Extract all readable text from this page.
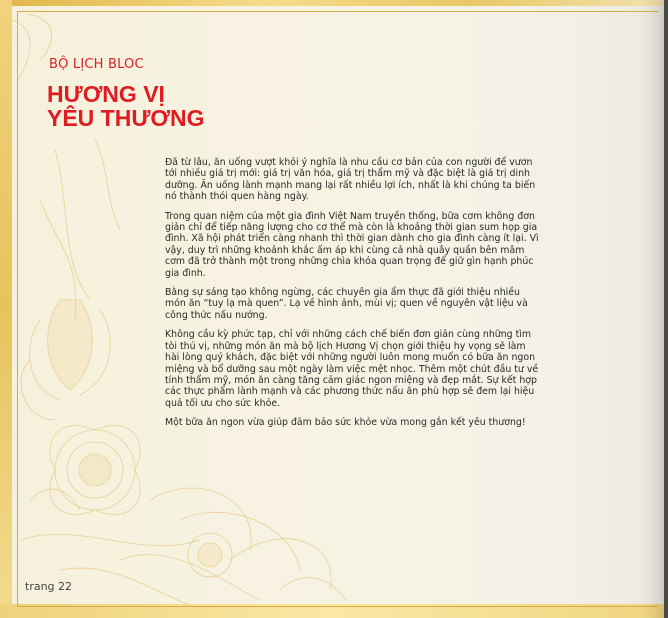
BỘ LỊCH BLOC
HƯƠNG VỊ
YÊU THƯƠNG

Đã từ lâu, ăn uống vượt khỏi ý nghĩa là nhu cầu cơ bản của con người để vươn tới nhiều giá trị mới: giá trị văn hóa, giá trị thẩm mỹ và đặc biệt là giá trị dinh dưỡng. Ăn uống lành mạnh mang lại rất nhiều lợi ích, nhất là khi chúng ta biến nó thành thói quen hàng ngày.

Trong quan niệm của một gia đình Việt Nam truyền thống, bữa cơm không đơn giản chỉ để tiếp năng lượng cho cơ thể mà còn là khoảng thời gian sum họp gia đình. Xã hội phát triển càng nhanh thì thời gian dành cho gia đình càng ít lại. Vì vậy, duy trì những khoảnh khắc ấm áp khi cùng cả nhà quây quần bên mâm cơm đã trở thành một trong những chìa khóa quan trọng để giữ gìn hạnh phúc gia đình.

Bằng sự sáng tạo không ngừng, các chuyên gia ẩm thực đã giới thiệu nhiều món ăn “tuy lạ mà quen”. Lạ về hình ảnh, mùi vị; quen về nguyên vật liệu và công thức nấu nướng.

Không cầu kỳ phức tạp, chỉ với những cách chế biến đơn giản cùng những tìm tòi thú vị, những món ăn mà bộ lịch Hương Vị chọn giới thiệu hy vọng sẽ làm hài lòng quý khách, đặc biệt với những người luôn mong muốn có bữa ăn ngon miệng và bổ dưỡng sau một ngày làm việc mệt nhọc. Thêm một chút đầu tư về tính thẩm mỹ, món ăn càng tăng cảm giác ngon miệng và đẹp mắt. Sự kết hợp các thực phẩm lành mạnh và các phương thức nấu ăn phù hợp sẽ đem lại hiệu quả tối ưu cho sức khỏe.

Một bữa ăn ngon vừa giúp đảm bảo sức khỏe vừa mong gắn kết yêu thương!

trang 22
